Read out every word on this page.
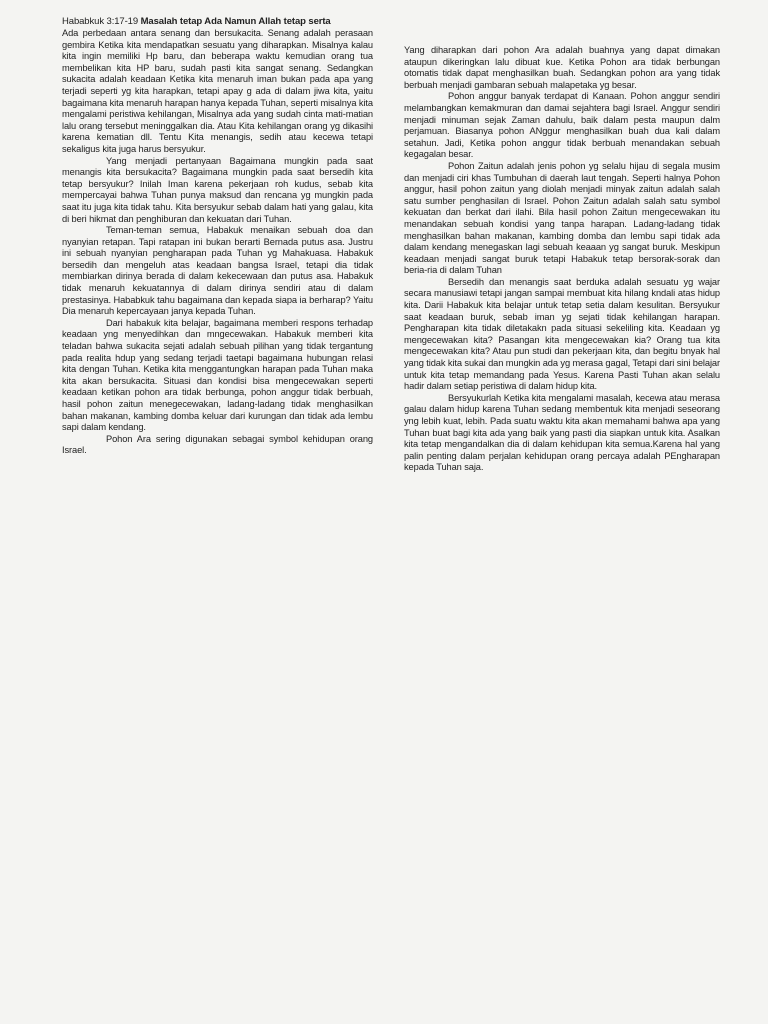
Hababkuk 3:17-19 Masalah tetap Ada Namun Allah tetap serta

Ada perbedaan antara senang dan bersukacita. Senang adalah perasaan gembira Ketika kita mendapatkan sesuatu yang diharapkan. Misalnya kalau kita ingin memiliki Hp baru, dan beberapa waktu kemudian orang tua membelikan kita HP baru, sudah pasti kita sangat senang. Sedangkan sukacita adalah keadaan Ketika kita menaruh iman bukan pada apa yang terjadi seperti yg kita harapkan, tetapi apay g ada di dalam jiwa kita, yaitu bagaimana kita menaruh harapan hanya kepada Tuhan, seperti misalnya kita mengalami peristiwa kehilangan, Misalnya ada yang sudah cinta mati-matian lalu orang tersebut meninggalkan dia. Atau Kita kehilangan orang yg dikasihi karena kematian dll. Tentu Kita menangis, sedih atau kecewa tetapi sekaligus kita juga harus bersyukur.

Yang menjadi pertanyaan Bagaimana mungkin pada saat menangis kita bersukacita? Bagaimana mungkin pada saat bersedih kita tetap bersyukur? Inilah Iman karena pekerjaan roh kudus, sebab kita mempercayai bahwa Tuhan punya maksud dan rencana yg mungkin pada saat itu juga kita tidak tahu. Kita bersyukur sebab dalam hati yang galau, kita di beri hikmat dan penghiburan dan kekuatan dari Tuhan.

Teman-teman semua, Habakuk menaikan sebuah doa dan nyanyian retapan. Tapi ratapan ini bukan berarti Bernada putus asa. Justru ini sebuah nyanyian pengharapan pada Tuhan yg Mahakuasa. Habakuk bersedih dan mengeluh atas keadaan bangsa Israel, tetapi dia tidak membiarkan dirinya berada di dalam kekecewaan dan putus asa. Habakuk tidak menaruh kekuatannya di dalam dirinya sendiri atau di dalam prestasinya. Hababkuk tahu bagaimana dan kepada siapa ia berharap? Yaitu Dia menaruh kepercayaan janya kepada Tuhan.

Dari habakuk kita belajar, bagaimana memberi respons terhadap keadaan yng menyedihkan dan mngecewakan. Habakuk memberi kita teladan bahwa sukacita sejati adalah sebuah pilihan yang tidak tergantung pada realita hdup yang sedang terjadi taetapi bagaimana hubungan relasi kita dengan Tuhan. Ketika kita menggantungkan harapan pada Tuhan maka kita akan bersukacita. Situasi dan kondisi bisa mengecewakan seperti keadaan ketikan pohon ara tidak berbunga, pohon anggur tidak berbuah, hasil pohon zaitun menegecewakan, ladang-ladang tidak menghasilkan bahan makanan, kambing domba keluar dari kurungan dan tidak ada lembu sapi dalam kendang.

Pohon Ara sering digunakan sebagai symbol kehidupan orang Israel.

Yang diharapkan dari pohon Ara adalah buahnya yang dapat dimakan ataupun dikeringkan lalu dibuat kue. Ketika Pohon ara tidak berbungan otomatis tidak dapat menghasilkan buah. Sedangkan pohon ara yang tidak berbuah menjadi gambaran sebuah malapetaka yg besar.

Pohon anggur banyak terdapat di Kanaan. Pohon anggur sendiri melambangkan kemakmuran dan damai sejahtera bagi Israel. Anggur sendiri menjadi minuman sejak Zaman dahulu, baik dalam pesta maupun dalm perjamuan. Biasanya pohon ANggur menghasilkan buah dua kali dalam setahun. Jadi, Ketika pohon anggur tidak berbuah menandakan sebuah kegagalan besar.

Pohon Zaitun adalah jenis pohon yg selalu hijau di segala musim dan menjadi ciri khas Tumbuhan di daerah laut tengah. Seperti halnya Pohon anggur, hasil pohon zaitun yang diolah menjadi minyak zaitun adalah salah satu sumber penghasilan di Israel. Pohon Zaitun adalah salah satu symbol kekuatan dan berkat dari ilahi. Bila hasil pohon Zaitun mengecewakan itu menandakan sebuah kondisi yang tanpa harapan. Ladang-ladang tidak menghasilkan bahan makanan, kambing domba dan lembu sapi tidak ada dalam kendang menegaskan lagi sebuah keaaan yg sangat buruk. Meskipun keadaan menjadi sangat buruk tetapi Habakuk tetap bersorak-sorak dan beria-ria di dalam Tuhan

Bersedih dan menangis saat berduka adalah sesuatu yg wajar secara manusiawi tetapi jangan sampai membuat kita hilang kndali atas hidup kita. Darii Habakuk kita belajar untuk tetap setia dalam kesulitan. Bersyukur saat keadaan buruk, sebab iman yg sejati tidak kehilangan harapan. Pengharapan kita tidak diletakakn pada situasi sekeliling kita. Keadaan yg mengecewakan kita? Pasangan kita mengecewakan kia? Orang tua kita mengecewakan kita? Atau pun studi dan pekerjaan kita, dan begitu bnyak hal yang tidak kita sukai dan mungkin ada yg merasa gagal, Tetapi dari sini belajar untuk kita tetap memandang pada Yesus. Karena Pasti Tuhan akan selalu hadir dalam setiap peristiwa di dalam hidup kita.

Bersyukurlah Ketika kita mengalami masalah, kecewa atau merasa galau dalam hidup karena Tuhan sedang membentuk kita menjadi seseorang yng lebih kuat, lebih. Pada suatu waktu kita akan memahami bahwa apa yang Tuhan buat bagi kita ada yang baik yang pasti dia siapkan untuk kita. Asalkan kita tetap mengandalkan dia di dalam kehidupan kita semua.Karena hal yang palin penting dalam perjalan kehidupan orang percaya adalah PEngharapan kepada Tuhan saja.
